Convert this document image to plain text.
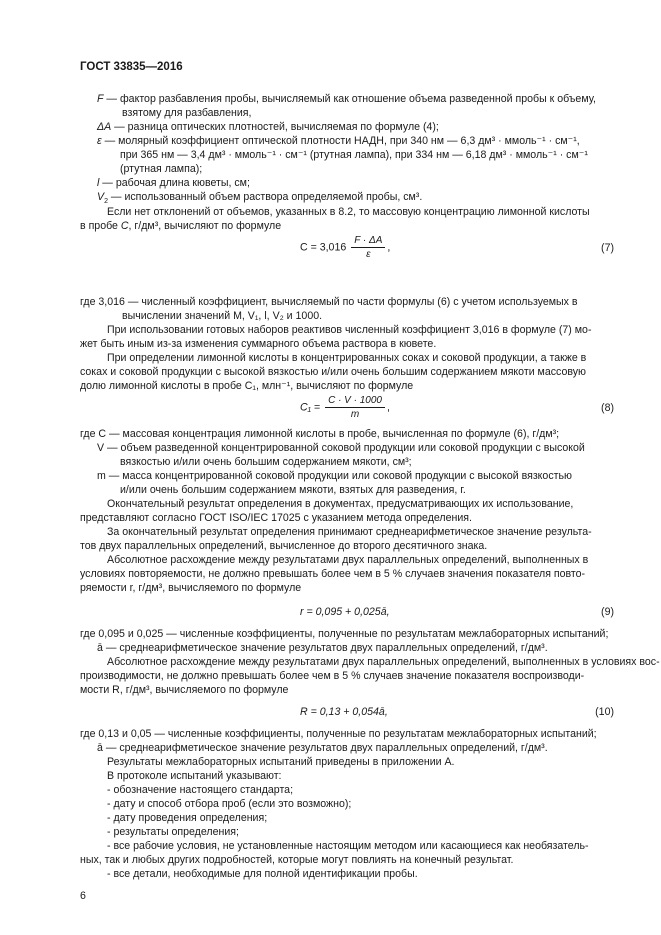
ГОСТ 33835—2016
F — фактор разбавления пробы, вычисляемый как отношение объема разведенной пробы к объему,
взятому для разбавления,
ΔA — разница оптических плотностей, вычисляемая по формуле (4);
ε — молярный коэффициент оптической плотности НАДН, при 340 нм — 6,3 дм³ · ммоль⁻¹ · см⁻¹,
при 365 нм — 3,4 дм³ · ммоль⁻¹ · см⁻¹ (ртутная лампа), при 334 нм — 6,18 дм³ · ммоль⁻¹ · см⁻¹
(ртутная лампа);
l — рабочая длина кюветы, см;
$V_2$ — использованный объем раствора определяемой пробы, см³.
Если нет отклонений от объемов, указанных в 8.2, то массовую концентрацию лимонной кислоты
в пробе C, г/дм³, вычисляют по формуле
$C = 3,016 \frac{F \cdot \Delta A}{\varepsilon}$ ,	(7)
где 3,016 — численный коэффициент, вычисляемый по части формулы (6) с учетом используемых в
вычислении значений M, V₁, l, V₂ и 1000.
При использовании готовых наборов реактивов численный коэффициент 3,016 в формуле (7) мо-
жет быть иным из-за изменения суммарного объема раствора в кювете.
При определении лимонной кислоты в концентрированных соках и соковой продукции, а также в
соках и соковой продукции с высокой вязкостью и/или очень большим содержанием мякоти массовую
долю лимонной кислоты в пробе C₁, млн⁻¹, вычисляют по формуле
$C_1 = \frac{C \cdot V \cdot 1000}{m}$ ,	(8)
где C — массовая концентрация лимонной кислоты в пробе, вычисленная по формуле (6), г/дм³;
V — объем разведенной концентрированной соковой продукции или соковой продукции с высокой
вязкостью и/или очень большим содержанием мякоти, см³;
m — масса концентрированной соковой продукции или соковой продукции с высокой вязкостью
и/или очень большим содержанием мякоти, взятых для разведения, г.
Окончательный результат определения в документах, предусматривающих их использование,
представляют согласно ГОСТ ISO/IEC 17025 с указанием метода определения.
За окончательный результат определения принимают среднеарифметическое значение результа-
тов двух параллельных определений, вычисленное до второго десятичного знака.
Абсолютное расхождение между результатами двух параллельных определений, выполненных в
условиях повторяемости, не должно превышать более чем в 5 % случаев значения показателя повто-
ряемости r, г/дм³, вычисляемого по формуле
r = 0,095 + 0,025ā,	(9)
где 0,095 и 0,025 — численные коэффициенты, полученные по результатам межлабораторных испытаний;
ā — среднеарифметическое значение результатов двух параллельных определений, г/дм³.
Абсолютное расхождение между результатами двух параллельных определений, выполненных в условиях вос-
производимости, не должно превышать более чем в 5 % случаев значение показателя воспроизводи-
мости R, г/дм³, вычисляемого по формуле
R = 0,13 + 0,054ā,	(10)
где 0,13 и 0,05 — численные коэффициенты, полученные по результатам межлабораторных испытаний;
ā — среднеарифметическое значение результатов двух параллельных определений, г/дм³.
Результаты межлабораторных испытаний приведены в приложении А.
В протоколе испытаний указывают:
- обозначение настоящего стандарта;
- дату и способ отбора проб (если это возможно);
- дату проведения определения;
- результаты определения;
- все рабочие условия, не установленные настоящим методом или касающиеся как необязатель-
ных, так и любых других подробностей, которые могут повлиять на конечный результат.
- все детали, необходимые для полной идентификации пробы.
6
